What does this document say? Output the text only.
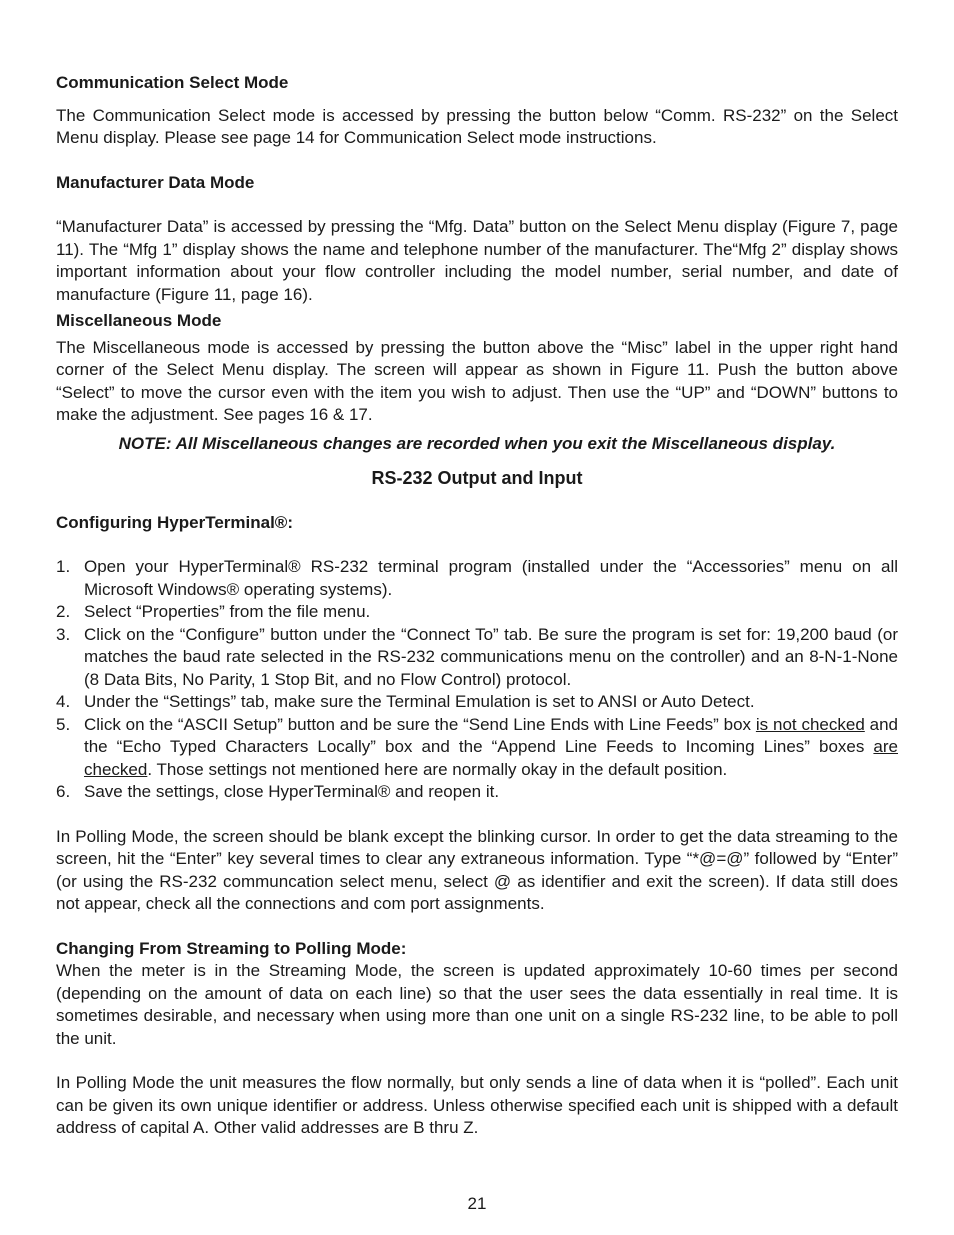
Communication Select Mode

The Communication Select mode is accessed by pressing the button below “Comm. RS-232” on the Select Menu display. Please see page 14 for Communication Select mode instructions.

Manufacturer Data Mode

“Manufacturer Data” is accessed by pressing the “Mfg. Data” button on the Select Menu display (Figure 7, page 11). The “Mfg 1” display shows the name and telephone number of the manufacturer. The“Mfg 2” display shows important information about your flow controller including the model number, serial number, and date of manufacture (Figure 11, page 16).

Miscellaneous Mode

The Miscellaneous mode is accessed by pressing the button above the “Misc” label in the upper right hand corner of the Select Menu display. The screen will appear as shown in Figure 11. Push the button above “Select” to move the cursor even with the item you wish to adjust. Then use the “UP” and “DOWN” buttons to make the adjustment. See pages 16 & 17.

NOTE: All Miscellaneous changes are recorded when you exit the Miscellaneous display.

RS-232 Output and Input

Configuring HyperTerminal®:
1. Open your HyperTerminal® RS-232 terminal program (installed under the “Accessories” menu on all Microsoft Windows® operating systems).
2. Select “Properties” from the file menu.
3. Click on the “Configure” button under the “Connect To” tab. Be sure the program is set for: 19,200 baud (or matches the baud rate selected in the RS-232 communications menu on the controller) and an 8-N-1-None (8 Data Bits, No Parity, 1 Stop Bit, and no Flow Control) protocol.
4. Under the “Settings” tab, make sure the Terminal Emulation is set to ANSI or Auto Detect.
5. Click on the “ASCII Setup” button and be sure the “Send Line Ends with Line Feeds” box is not checked and the “Echo Typed Characters Locally” box and the “Append Line Feeds to Incoming Lines” boxes are checked. Those settings not mentioned here are normally okay in the default position.
6. Save the settings, close HyperTerminal® and reopen it.

In Polling Mode, the screen should be blank except the blinking cursor. In order to get the data streaming to the screen, hit the “Enter” key several times to clear any extraneous information. Type “*@=@” followed by “Enter” (or using the RS-232 communcation select menu, select @ as identifier and exit the screen). If data still does not appear, check all the connections and com port assignments.

Changing From Streaming to Polling Mode:

When the meter is in the Streaming Mode, the screen is updated approximately 10-60 times per second (depending on the amount of data on each line) so that the user sees the data essentially in real time. It is sometimes desirable, and necessary when using more than one unit on a single RS-232 line, to be able to poll the unit.

In Polling Mode the unit measures the flow normally, but only sends a line of data when it is “polled”. Each unit can be given its own unique identifier or address. Unless otherwise specified each unit is shipped with a default address of capital A. Other valid addresses are B thru Z.

21
